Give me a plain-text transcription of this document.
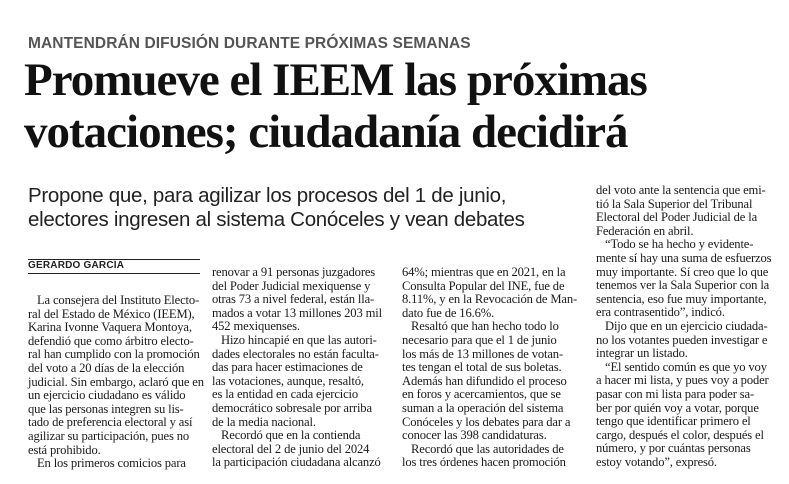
MANTENDRÁN DIFUSIÓN DURANTE PRÓXIMAS SEMANAS
Promueve el IEEM las próximas
votaciones; ciudadanía decidirá
Propone que, para agilizar los procesos del 1 de junio,
electores ingresen al sistema Conóceles y vean debates
GERARDO GARCÍA
La consejera del Instituto Electo-
ral del Estado de México (IEEM),
Karina Ivonne Vaquera Montoya,
defendió que como árbitro electo-
ral han cumplido con la promoción
del voto a 20 días de la elección
judicial. Sin embargo, aclaró que en
un ejercicio ciudadano es válido
que las personas integren su lis-
tado de preferencia electoral y así
agilizar su participación, pues no
está prohibido.
En los primeros comicios para
renovar a 91 personas juzgadores
del Poder Judicial mexiquense y
otras 73 a nivel federal, están lla-
mados a votar 13 millones 203 mil
452 mexiquenses.
Hizo hincapié en que las autori-
dades electorales no están faculta-
das para hacer estimaciones de
las votaciones, aunque, resaltó,
es la entidad en cada ejercicio
democrático sobresale por arriba
de la media nacional.
Recordó que en la contienda
electoral del 2 de junio del 2024
la participación ciudadana alcanzó
64%; mientras que en 2021, en la
Consulta Popular del INE, fue de
8.11%, y en la Revocación de Man-
dato fue de 16.6%.
Resaltó que han hecho todo lo
necesario para que el 1 de junio
los más de 13 millones de votan-
tes tengan el total de sus boletas.
Además han difundido el proceso
en foros y acercamientos, que se
suman a la operación del sistema
Conóceles y los debates para dar a
conocer las 398 candidaturas.
Recordó que las autoridades de
los tres órdenes hacen promoción
del voto ante la sentencia que emi-
tió la Sala Superior del Tribunal
Electoral del Poder Judicial de la
Federación en abril.
“Todo se ha hecho y evidente-
mente sí hay una suma de esfuerzos
muy importante. Sí creo que lo que
tenemos ver la Sala Superior con la
sentencia, eso fue muy importante,
era contrasentido”, indicó.
Dijo que en un ejercicio ciudada-
no los votantes pueden investigar e
integrar un listado.
“El sentido común es que yo voy
a hacer mi lista, y pues voy a poder
pasar con mi lista para poder sa-
ber por quién voy a votar, porque
tengo que identificar primero el
cargo, después el color, después el
número, y por cuántas personas
estoy votando”, expresó.
